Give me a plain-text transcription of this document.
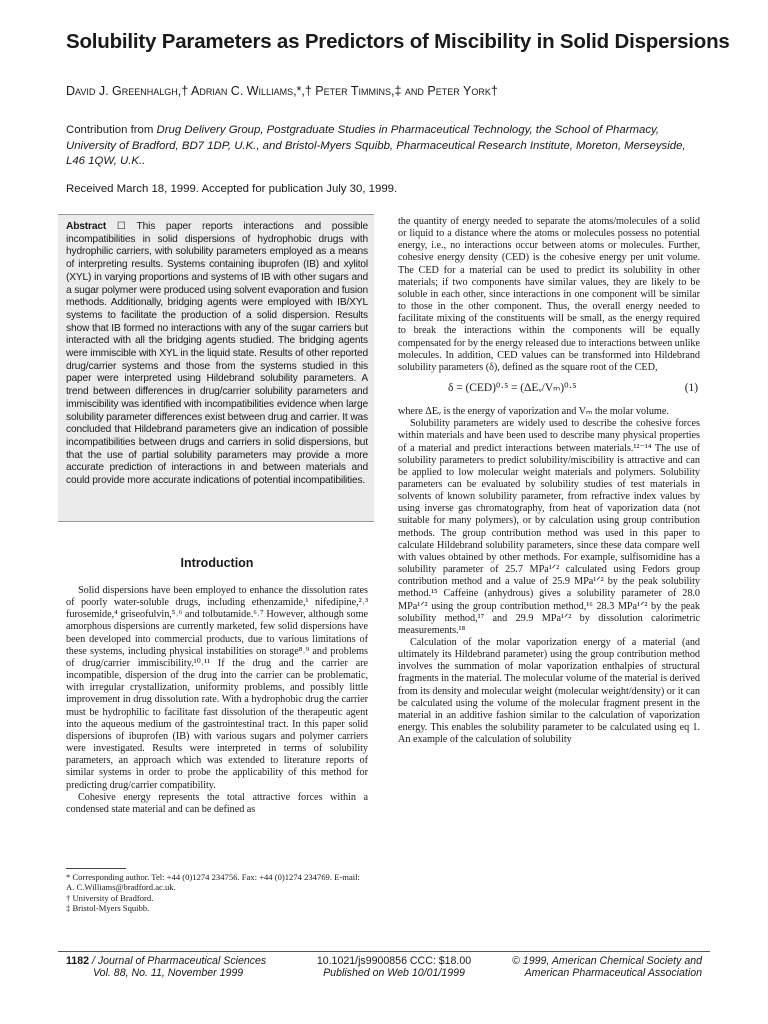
Solubility Parameters as Predictors of Miscibility in Solid Dispersions
David J. Greenhalgh,† Adrian C. Williams,*,† Peter Timmins,‡ and Peter York†
Contribution from Drug Delivery Group, Postgraduate Studies in Pharmaceutical Technology, the School of Pharmacy, University of Bradford, BD7 1DP, U.K., and Bristol-Myers Squibb, Pharmaceutical Research Institute, Moreton, Merseyside, L46 1QW, U.K..
Received March 18, 1999. Accepted for publication July 30, 1999.
Abstract ☐ This paper reports interactions and possible incompatibilities in solid dispersions of hydrophobic drugs with hydrophilic carriers, with solubility parameters employed as a means of interpreting results. Systems containing ibuprofen (IB) and xylitol (XYL) in varying proportions and systems of IB with other sugars and a sugar polymer were produced using solvent evaporation and fusion methods. Additionally, bridging agents were employed with IB/XYL systems to facilitate the production of a solid dispersion. Results show that IB formed no interactions with any of the sugar carriers but interacted with all the bridging agents studied. The bridging agents were immiscible with XYL in the liquid state. Results of other reported drug/carrier systems and those from the systems studied in this paper were interpreted using Hildebrand solubility parameters. A trend between differences in drug/carrier solubility parameters and immiscibility was identified with incompatibilities evidence when large solubility parameter differences exist between drug and carrier. It was concluded that Hildebrand parameters give an indication of possible incompatibilities between drugs and carriers in solid dispersions, but that the use of partial solubility parameters may provide a more accurate prediction of interactions in and between materials and could provide more accurate indications of potential incompatibilities.
Introduction

Solid dispersions have been employed to enhance the dissolution rates of poorly water-soluble drugs, including ethenzamide,¹ nifedipine,²˒³ furosemide,⁴ griseofulvin,⁵˒⁶ and tolbutamide.⁶˒⁷ However, although some amorphous dispersions are currently marketed, few solid dispersions have been developed into commercial products, due to various limitations of these systems, including physical instabilities on storage⁸˒⁹ and problems of drug/carrier immiscibility.¹⁰˒¹¹ If the drug and the carrier are incompatible, dispersion of the drug into the carrier can be problematic, with irregular crystallization, uniformity problems, and possibly little improvement in drug dissolution rate. With a hydrophobic drug the carrier must be hydrophilic to facilitate fast dissolution of the therapeutic agent into the aqueous medium of the gastrointestinal tract. In this paper solid dispersions of ibuprofen (IB) with various sugars and polymer carriers were investigated. Results were interpreted in terms of solubility parameters, an approach which was extended to literature reports of similar systems in order to probe the applicability of this method for predicting drug/carrier compatibility.

Cohesive energy represents the total attractive forces within a condensed state material and can be defined as

the quantity of energy needed to separate the atoms/molecules of a solid or liquid to a distance where the atoms or molecules possess no potential energy, i.e., no interactions occur between atoms or molecules. Further, cohesive energy density (CED) is the cohesive energy per unit volume. The CED for a material can be used to predict its solubility in other materials; if two components have similar values, they are likely to be soluble in each other, since interactions in one component will be similar to those in the other component. Thus, the overall energy needed to facilitate mixing of the constituents will be small, as the energy required to break the interactions within the components will be equally compensated for by the energy released due to interactions between unlike molecules. In addition, CED values can be transformed into Hildebrand solubility parameters (δ), defined as the square root of the CED,

δ = (CED)⁰·⁵ = (ΔEᵥ/Vₘ)⁰·⁵	(1)

where ΔEᵥ is the energy of vaporization and Vₘ the molar volume.

Solubility parameters are widely used to describe the cohesive forces within materials and have been used to describe many physical properties of a material and predict interactions between materials.¹²⁻¹⁴ The use of solubility parameters to predict solubility/miscibility is attractive and can be applied to low molecular weight materials and polymers. Solubility parameters can be evaluated by solubility studies of test materials in solvents of known solubility parameter, from refractive index values by using inverse gas chromatography, from heat of vaporization data (not suitable for many polymers), or by calculation using group contribution methods. The group contribution method was used in this paper to calculate Hildebrand solubility parameters, since these data compare well with values obtained by other methods. For example, sulfisomidine has a solubility parameter of 25.7 MPa¹ᐟ² calculated using Fedors group contribution method and a value of 25.9 MPa¹ᐟ² by the peak solubility method.¹⁵ Caffeine (anhydrous) gives a solubility parameter of 28.0 MPa¹ᐟ² using the group contribution method,¹⁶ 28.3 MPa¹ᐟ² by the peak solubility method,¹⁷ and 29.9 MPa¹ᐟ² by dissolution calorimetric measurements.¹⁸

Calculation of the molar vaporization energy of a material (and ultimately its Hildebrand parameter) using the group contribution method involves the summation of molar vaporization enthalpies of structural fragments in the material. The molecular volume of the material is derived from its density and molecular weight (molecular weight/density) or it can be calculated using the volume of the molecular fragment present in the material in an additive fashion similar to the calculation of vaporization energy. This enables the solubility parameter to be calculated using eq 1. An example of the calculation of solubility

* Corresponding author. Tel: +44 (0)1274 234756. Fax: +44 (0)1274 234769. E-mail: A. C.Williams@bradford.ac.uk.
† University of Bradford.
‡ Bristol-Myers Squibb.
1182 / Journal of Pharmaceutical Sciences
Vol. 88, No. 11, November 1999
10.1021/js9900856 CCC: $18.00
Published on Web 10/01/1999
© 1999, American Chemical Society and
American Pharmaceutical Association
